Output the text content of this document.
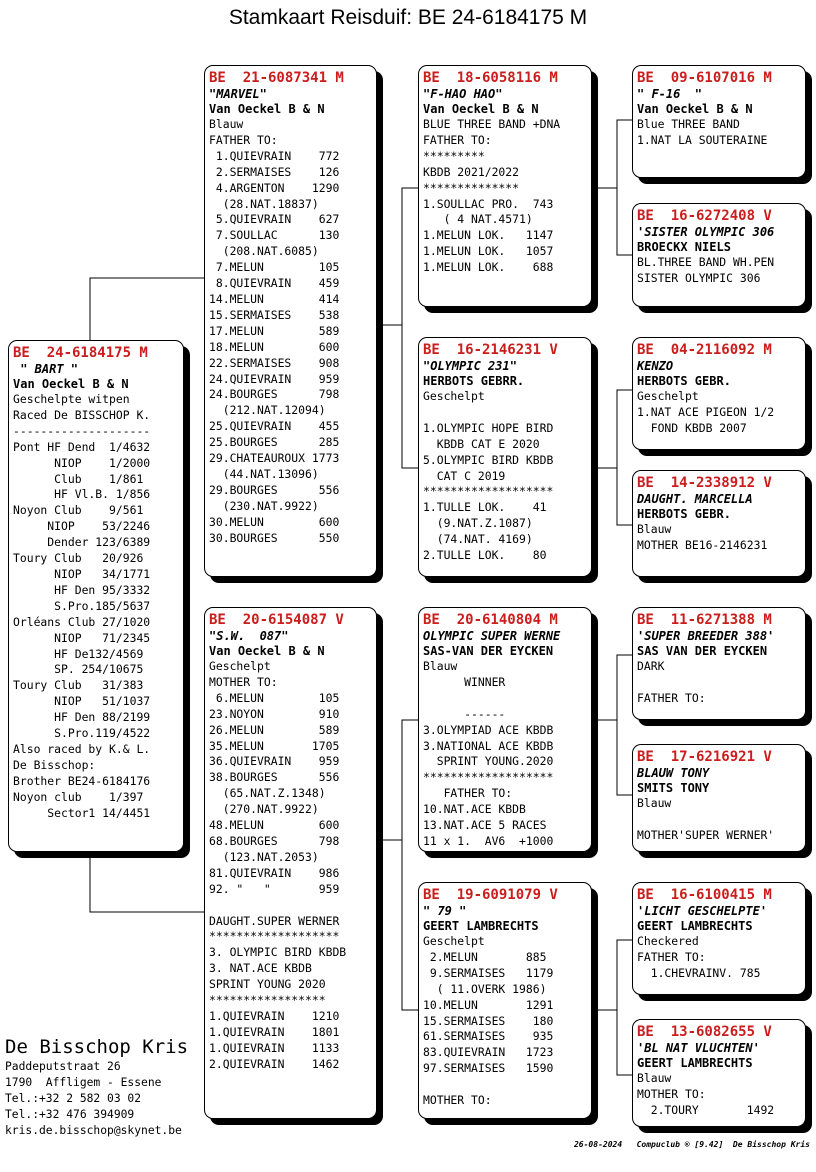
Stamkaart Reisduif: BE 24-6184175 M
BE  24-6184175 M
" BART "
Van Oeckel B & N
Geschelpte witpen
Raced De BISSCHOP K.
--------------------
Pont HF Dend  1/4632
NIOP    1/2000
Club    1/861
HF Vl.B. 1/856
Noyon Club    9/561
NIOP    53/2246
Dender 123/6389
Toury Club   20/926
NIOP   34/1771
HF Den 95/3332
S.Pro.185/5637
Orléans Club 27/1020
NIOP   71/2345
HF De132/4569
SP. 254/10675
Toury Club   31/383
NIOP   51/1037
HF Den 88/2199
S.Pro.119/4522
Also raced by K.& L.
De Bisschop:
Brother BE24-6184176
Noyon club    1/397
Sector1 14/4451
BE  21-6087341 M
"MARVEL"
Van Oeckel B & N
Blauw
FATHER TO:
1.QUIEVRAIN    772
2.SERMAISES    126
4.ARGENTON    1290
(28.NAT.18837)
5.QUIEVRAIN    627
7.SOULLAC      130
(208.NAT.6085)
7.MELUN        105
8.QUIEVRAIN    459
14.MELUN        414
15.SERMAISES    538
17.MELUN        589
18.MELUN        600
22.SERMAISES    908
24.QUIEVRAIN    959
24.BOURGES      798
(212.NAT.12094)
25.QUIEVRAIN    455
25.BOURGES      285
29.CHATEAUROUX 1773
(44.NAT.13096)
29.BOURGES      556
(230.NAT.9922)
30.MELUN        600
30.BOURGES      550
BE  20-6154087 V
"S.W.  087"
Van Oeckel B & N
Geschelpt
MOTHER TO:
6.MELUN        105
23.NOYON        910
26.MELUN        589
35.MELUN       1705
36.QUIEVRAIN    959
38.BOURGES      556
(65.NAT.Z.1348)
(270.NAT.9922)
48.MELUN        600
68.BOURGES      798
(123.NAT.2053)
81.QUIEVRAIN    986
92. "   "       959

DAUGHT.SUPER WERNER
*******************
3. OLYMPIC BIRD KBDB
3. NAT.ACE KBDB
SPRINT YOUNG 2020
*****************
1.QUIEVRAIN    1210
1.QUIEVRAIN    1801
1.QUIEVRAIN    1133
2.QUIEVRAIN    1462
BE  18-6058116 M
"F-HAO HAO"
Van Oeckel B & N
BLUE THREE BAND +DNA
FATHER TO:
*********
KBDB 2021/2022
**************
1.SOULLAC PRO.  743
( 4 NAT.4571)
1.MELUN LOK.   1147
1.MELUN LOK.   1057
1.MELUN LOK.    688
BE  16-2146231 V
"OLYMPIC 231"
HERBOTS GEBRR.
Geschelpt

1.OLYMPIC HOPE BIRD
KBDB CAT E 2020
5.OLYMPIC BIRD KBDB
CAT C 2019
*******************
1.TULLE LOK.    41
(9.NAT.Z.1087)
(74.NAT. 4169)
2.TULLE LOK.    80
BE  20-6140804 M
OLYMPIC SUPER WERNE
SAS-VAN DER EYCKEN
Blauw
WINNER

------
3.OLYMPIAD ACE KBDB
3.NATIONAL ACE KBDB
SPRINT YOUNG.2020
*******************
FATHER TO:
10.NAT.ACE KBDB
13.NAT.ACE 5 RACES
11 x 1.  AV6  +1000
BE  19-6091079 V
" 79 "
GEERT LAMBRECHTS
Geschelpt
2.MELUN       885
9.SERMAISES   1179
( 11.OVERK 1986)
10.MELUN       1291
15.SERMAISES    180
61.SERMAISES    935
83.QUIEVRAIN   1723
97.SERMAISES   1590

MOTHER TO:
BE  09-6107016 M
" F-16  "
Van Oeckel B & N
Blue THREE BAND
1.NAT LA SOUTERAINE
BE  16-6272408 V
'SISTER OLYMPIC 306
BROECKX NIELS
BL.THREE BAND WH.PEN
SISTER OLYMPIC 306
BE  04-2116092 M
KENZO
HERBOTS GEBR.
Geschelpt
1.NAT ACE PIGEON 1/2
FOND KBDB 2007
BE  14-2338912 V
DAUGHT. MARCELLA
HERBOTS GEBR.
Blauw
MOTHER BE16-2146231
BE  11-6271388 M
'SUPER BREEDER 388'
SAS VAN DER EYCKEN
DARK

FATHER TO:
BE  17-6216921 V
BLAUW TONY
SMITS TONY
Blauw

MOTHER'SUPER WERNER'
BE  16-6100415 M
'LICHT GESCHELPTE'
GEERT LAMBRECHTS
Checkered
FATHER TO:
1.CHEVRAINV. 785
BE  13-6082655 V
'BL NAT VLUCHTEN'
GEERT LAMBRECHTS
Blauw
MOTHER TO:
2.TOURY       1492
De Bisschop Kris
Paddeputstraat 26
1790  Affligem - Essene
Tel.:+32 2 582 03 02
Tel.:+32 476 394909
kris.de.bisschop@skynet.be
26-08-2024   Compuclub ® [9.42]  De Bisschop Kris
